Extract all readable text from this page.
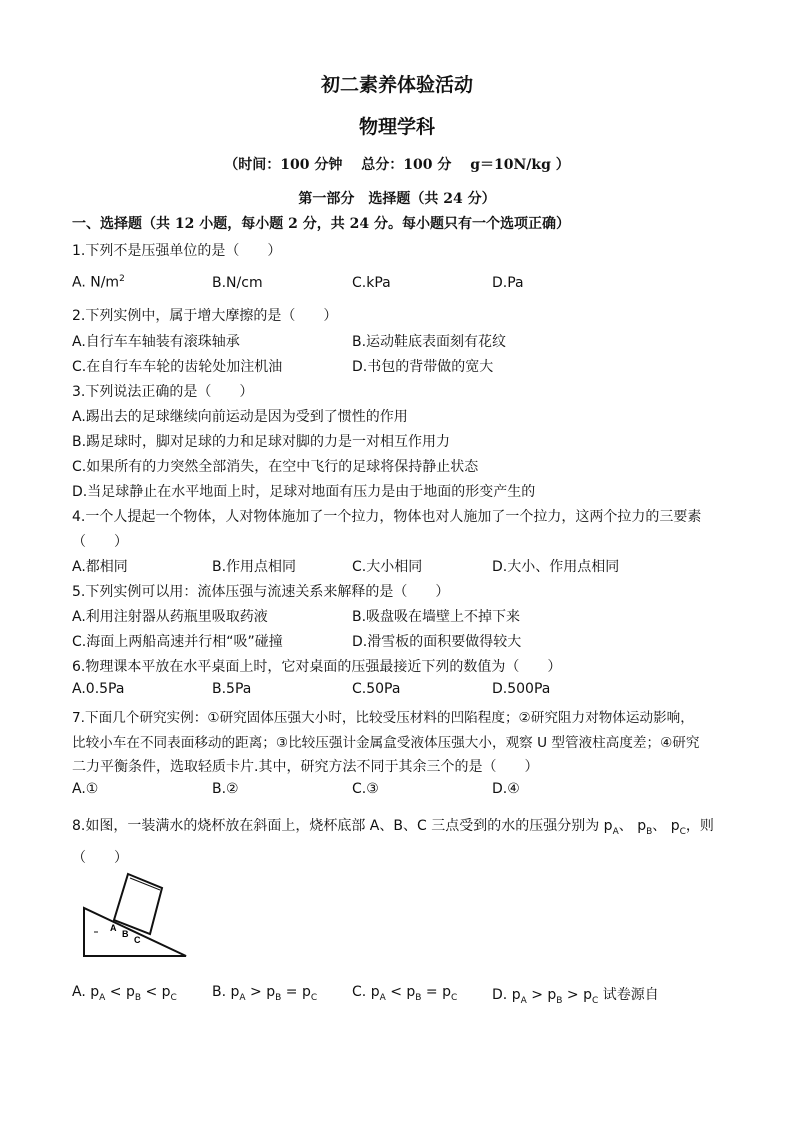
初二素养体验活动
物理学科
（时间：100 分钟　 总分：100 分　 g＝10N/kg ）
第一部分　选择题（共 24 分）
一、选择题（共 12 小题，每小题 2 分，共 24 分。每小题只有一个选项正确）
1.下列不是压强单位的是（　　）
A. $N/m^2$	B.N/cm	C.kPa	D.Pa
2.下列实例中，属于增大摩擦的是（　　）
A.自行车车轴装有滚珠轴承	B.运动鞋底表面刻有花纹
C.在自行车车轮的齿轮处加注机油	D.书包的背带做的宽大
3.下列说法正确的是（　　）
A.踢出去的足球继续向前运动是因为受到了惯性的作用
B.踢足球时，脚对足球的力和足球对脚的力是一对相互作用力
C.如果所有的力突然全部消失，在空中飞行的足球将保持静止状态
D.当足球静止在水平地面上时，足球对地面有压力是由于地面的形变产生的
4.一个人提起一个物体，人对物体施加了一个拉力，物体也对人施加了一个拉力，这两个拉力的三要素
（　　）
A.都相同	B.作用点相同	C.大小相同	D.大小、作用点相同
5.下列实例可以用：流体压强与流速关系来解释的是（　　）
A.利用注射器从药瓶里吸取药液	B.吸盘吸在墙壁上不掉下来
C.海面上两船高速并行相“吸”碰撞	D.滑雪板的面积要做得较大
6.物理课本平放在水平桌面上时，它对桌面的压强最接近下列的数值为（　　）
A.0.5Pa	B.5Pa	C.50Pa	D.500Pa
7.下面几个研究实例：①研究固体压强大小时，比较受压材料的凹陷程度；②研究阻力对物体运动影响，
比较小车在不同表面移动的距离；③比较压强计金属盒受液体压强大小，观察 U 型管液柱高度差；④研究
二力平衡条件，选取轻质卡片.其中，研究方法不同于其余三个的是（　　）
A.①	B.②	C.③	D.④
8.如图，一装满水的烧杯放在斜面上，烧杯底部 A、B、C 三点受到的水的压强分别为 $p_A$、 $p_B$、 $p_C$，则
（　　）
A
B
C
A. $p_A < p_B < p_C$	B. $p_A > p_B = p_C$ C. $p_A < p_B = p_C$ D. $p_A > p_B > p_C$ 试卷源自
